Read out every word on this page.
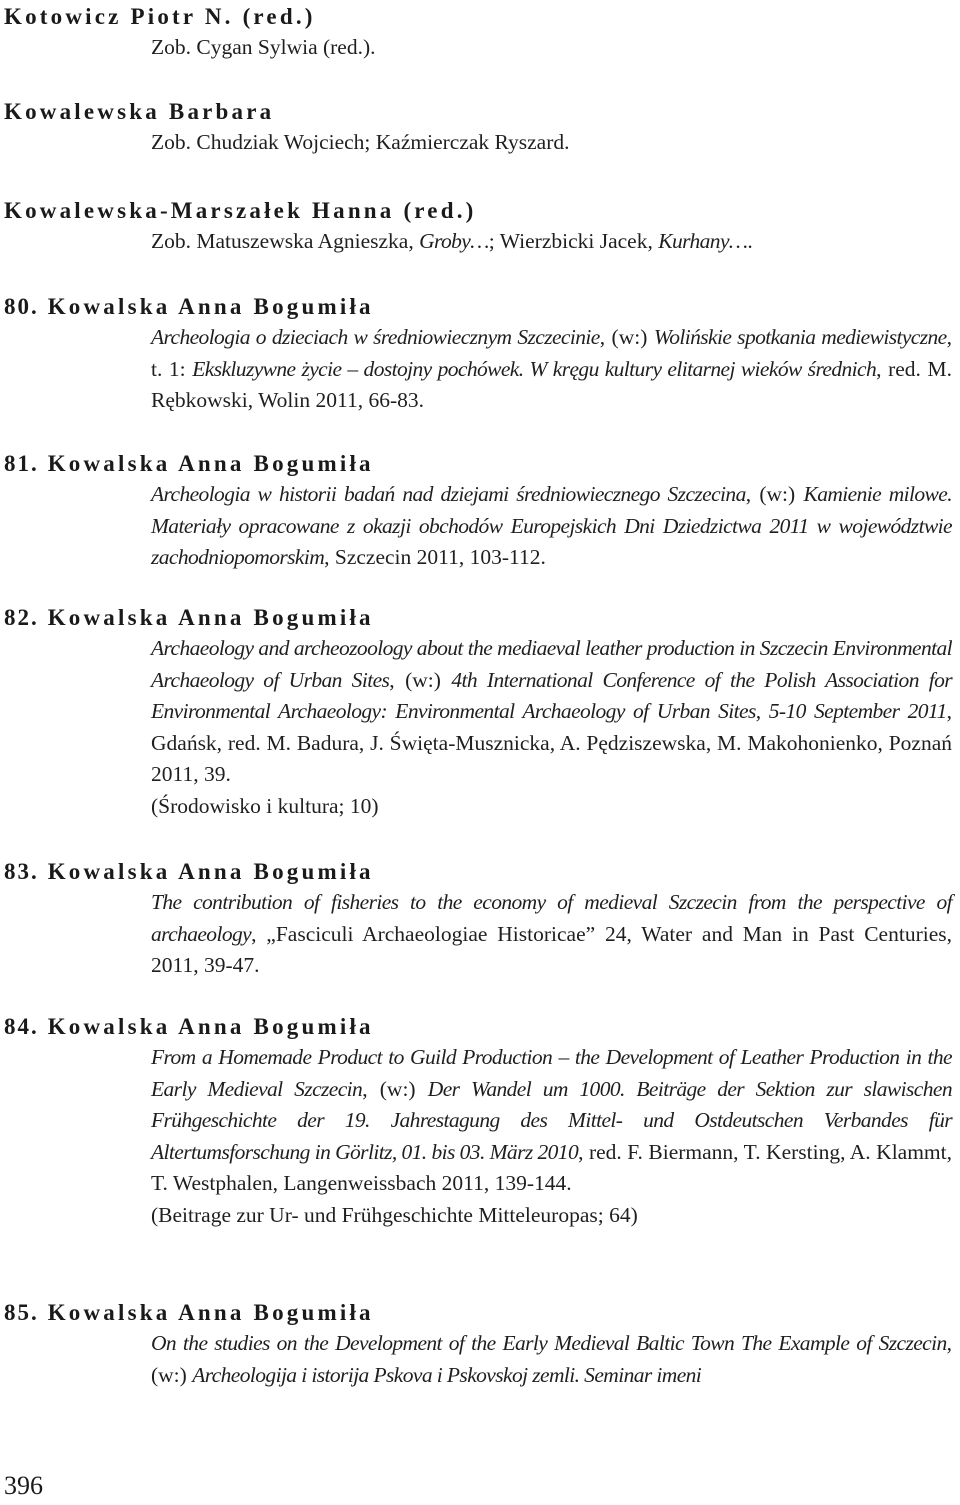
Kotowicz Piotr N. (red.)
Zob. Cygan Sylwia (red.).
Kowalewska Barbara
Zob. Chudziak Wojciech; Kaźmierczak Ryszard.
Kowalewska-Marszałek Hanna (red.)
Zob. Matuszewska Agnieszka, Groby…; Wierzbicki Jacek, Kurhany….
80. Kowalska Anna Bogumiła
Archeologia o dzieciach w średniowiecznym Szczecinie, (w:) Wolińskie spotkania mediewistyczne, t. 1: Ekskluzywne życie – dostojny pochówek. W kręgu kultury elitarnej wieków średnich, red. M. Rębkowski, Wolin 2011, 66-83.
81. Kowalska Anna Bogumiła
Archeologia w historii badań nad dziejami średniowiecznego Szczecina, (w:) Kamienie milowe. Materiały opracowane z okazji obchodów Europejskich Dni Dziedzictwa 2011 w województwie zachodniopomorskim, Szczecin 2011, 103-112.
82. Kowalska Anna Bogumiła
Archaeology and archeozoology about the mediaeval leather production in Szczecin Environmental Archaeology of Urban Sites, (w:) 4th International Conference of the Polish Association for Environmental Archaeology: Environmental Archaeology of Urban Sites, 5-10 September 2011, Gdańsk, red. M. Badura, J. Święta-Musznicka, A. Pędziszewska, M. Makohonienko, Poznań 2011, 39.
(Środowisko i kultura; 10)
83. Kowalska Anna Bogumiła
The contribution of fisheries to the economy of medieval Szczecin from the perspective of archaeology, „Fasciculi Archaeologiae Historicae” 24, Water and Man in Past Centuries, 2011, 39-47.
84. Kowalska Anna Bogumiła
From a Homemade Product to Guild Production – the Development of Leather Production in the Early Medieval Szczecin, (w:) Der Wandel um 1000. Beiträge der Sektion zur slawischen Frühgeschichte der 19. Jahrestagung des Mittel- und Ostdeutschen Verbandes für Altertumsforschung in Görlitz, 01. bis 03. März 2010, red. F. Biermann, T. Kersting, A. Klammt, T. Westphalen, Langenweissbach 2011, 139-144.
(Beitrage zur Ur- und Frühgeschichte Mitteleuropas; 64)
85. Kowalska Anna Bogumiła
On the studies on the Development of the Early Medieval Baltic Town The Example of Szczecin, (w:) Archeologija i istorija Pskova i Pskovskoj zemli. Seminar imeni
396
